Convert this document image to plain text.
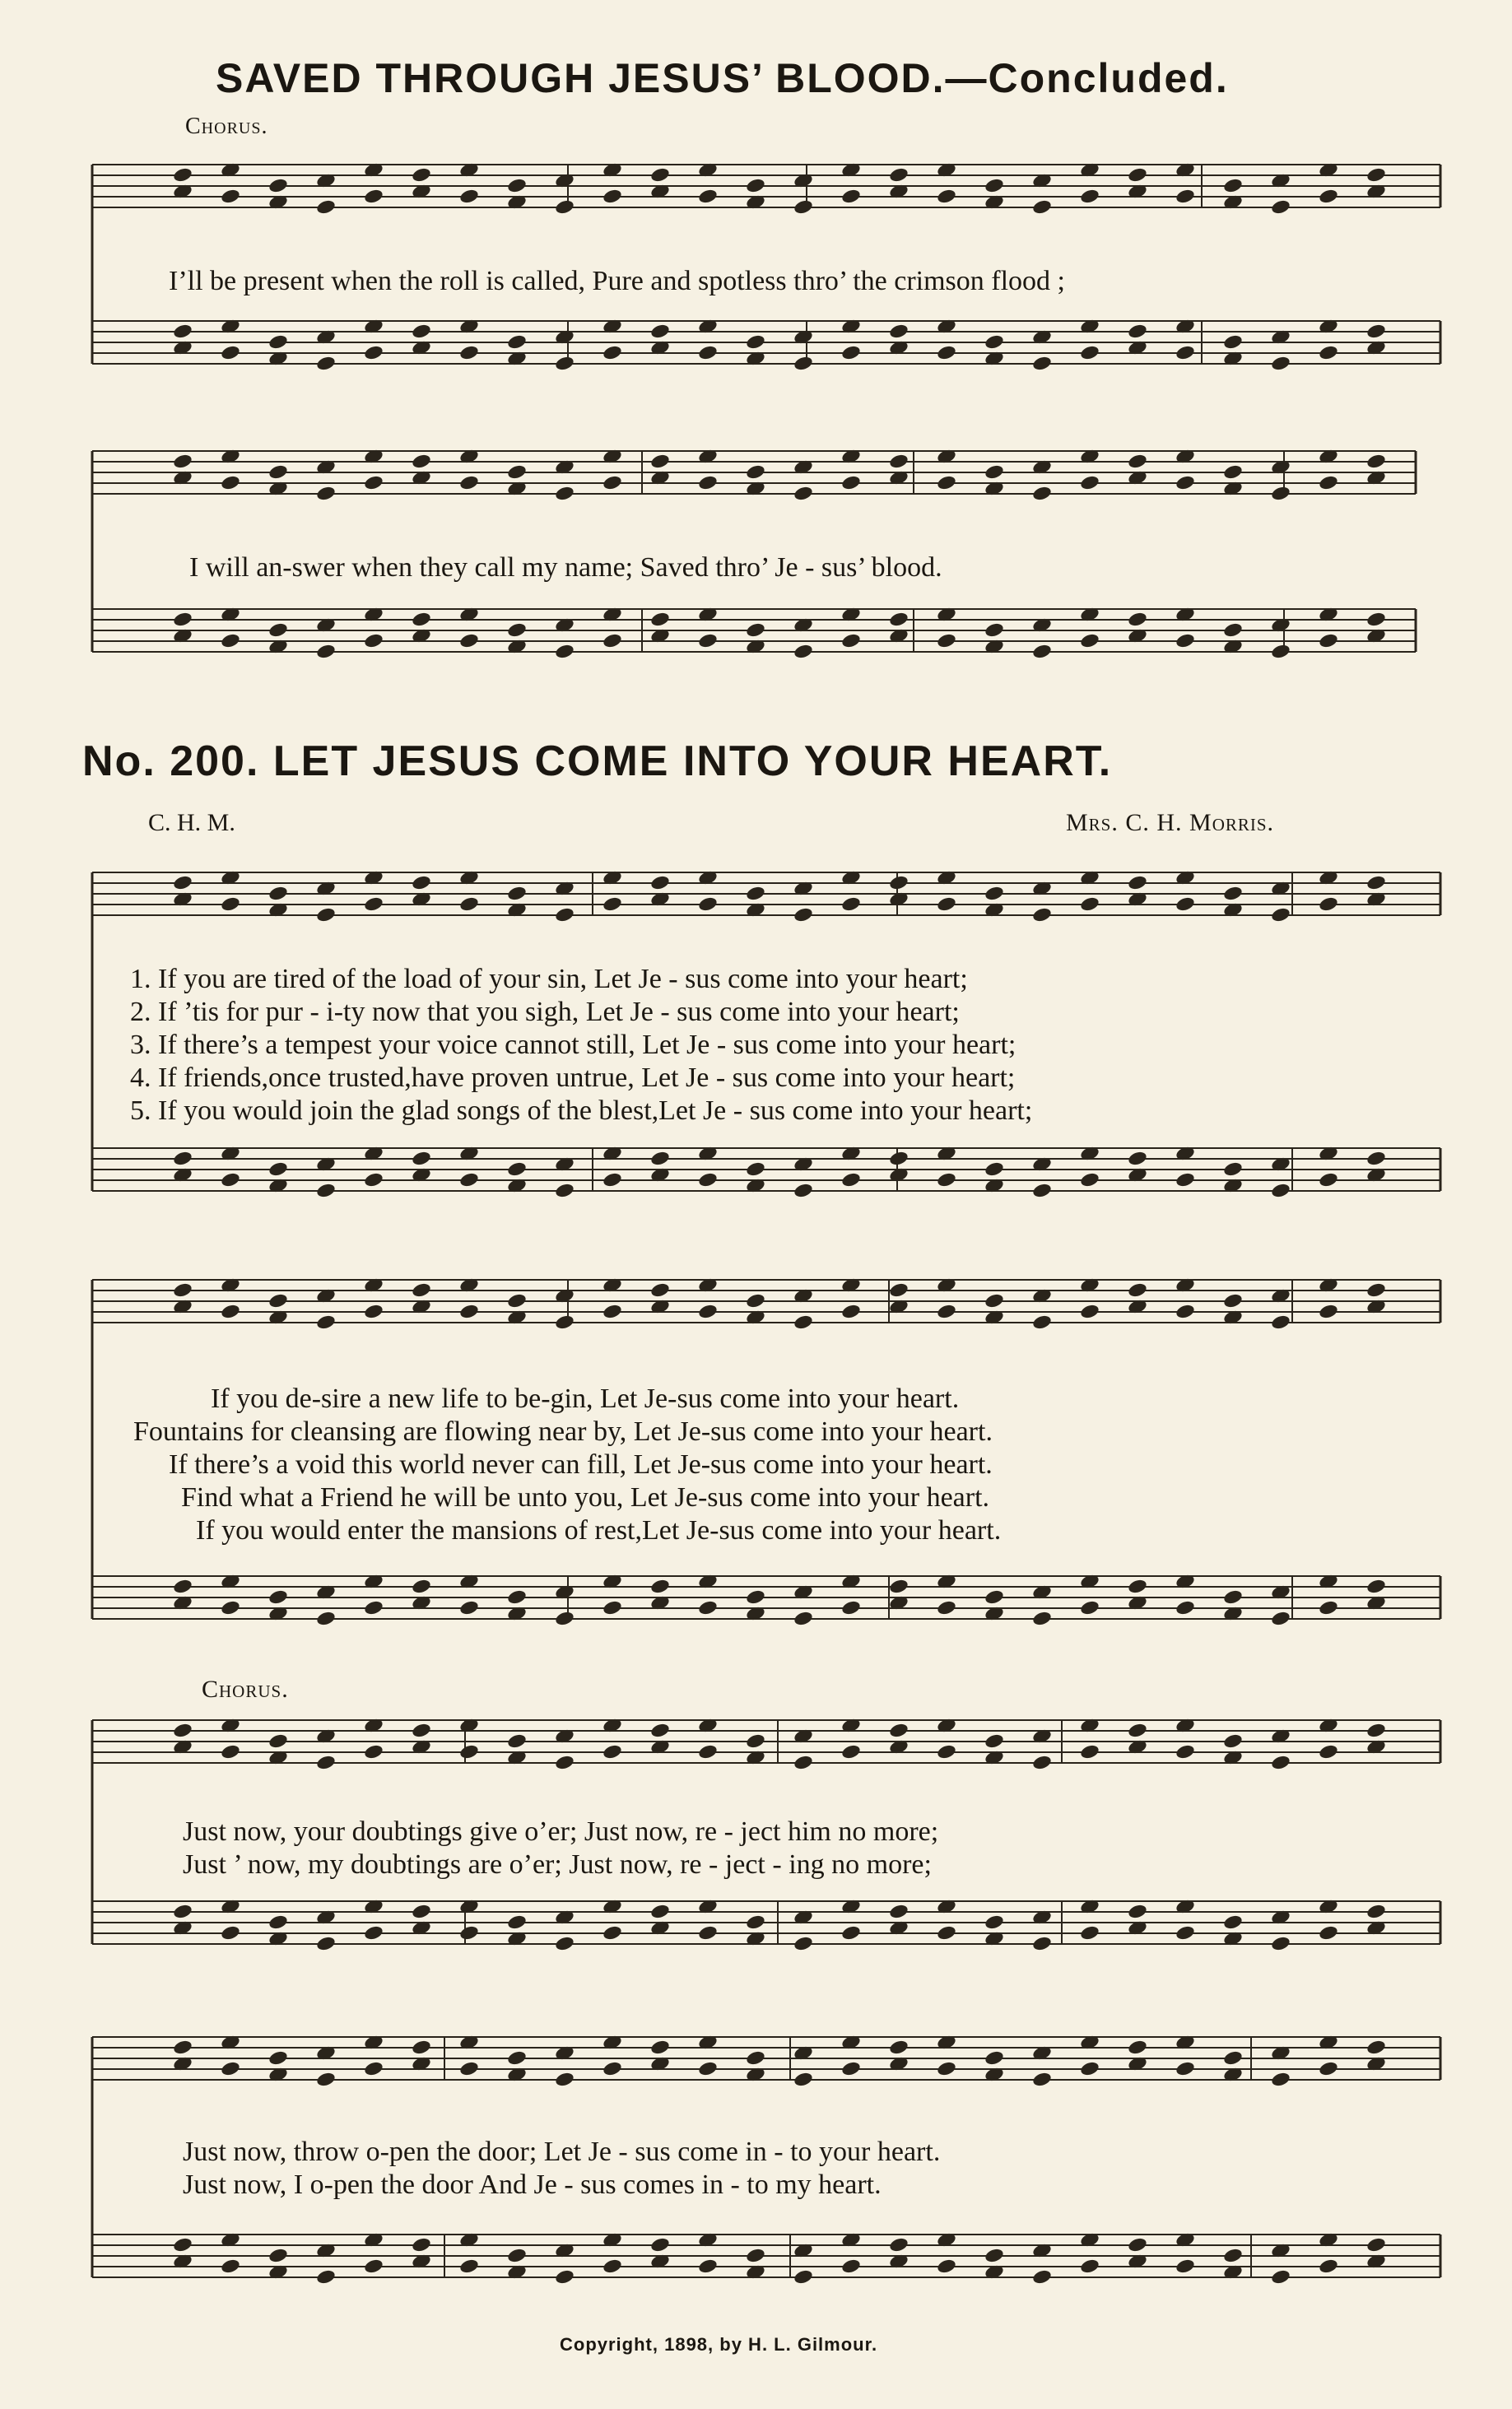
SAVED THROUGH JESUS’ BLOOD.—Concluded.
Chorus.
I’ll be present when the roll is called, Pure and spotless thro’ the crimson flood ;
I will an-swer when they call my name; Saved thro’ Je - sus’ blood.
No. 200. LET JESUS COME INTO YOUR HEART.
C. H. M.	Mrs. C. H. Morris.
1. If you are tired of the load of your sin, Let Je - sus come into your heart;
2. If ’tis for pur - i-ty now that you sigh, Let Je - sus come into your heart;
3. If there’s a tempest your voice cannot still, Let Je - sus come into your heart;
4. If friends,once trusted,have proven untrue, Let Je - sus come into your heart;
5. If you would join the glad songs of the blest,Let Je - sus come into your heart;
If you de-sire a new life to be-gin, Let Je-sus come into your heart.
Fountains for cleansing are flowing near by, Let Je-sus come into your heart.
If there’s a void this world never can fill, Let Je-sus come into your heart.
Find what a Friend he will be unto you, Let Je-sus come into your heart.
If you would enter the mansions of rest,Let Je-sus come into your heart.
Chorus.
Just now, your doubtings give o’er; Just now, re - ject him no more;
Just ’ now, my doubtings are o’er; Just now, re - ject - ing no more;
Just now, throw o-pen the door; Let Je - sus come in - to your heart.
Just now, I o-pen the door And Je - sus comes in - to my heart.
Copyright, 1898, by H. L. Gilmour.
